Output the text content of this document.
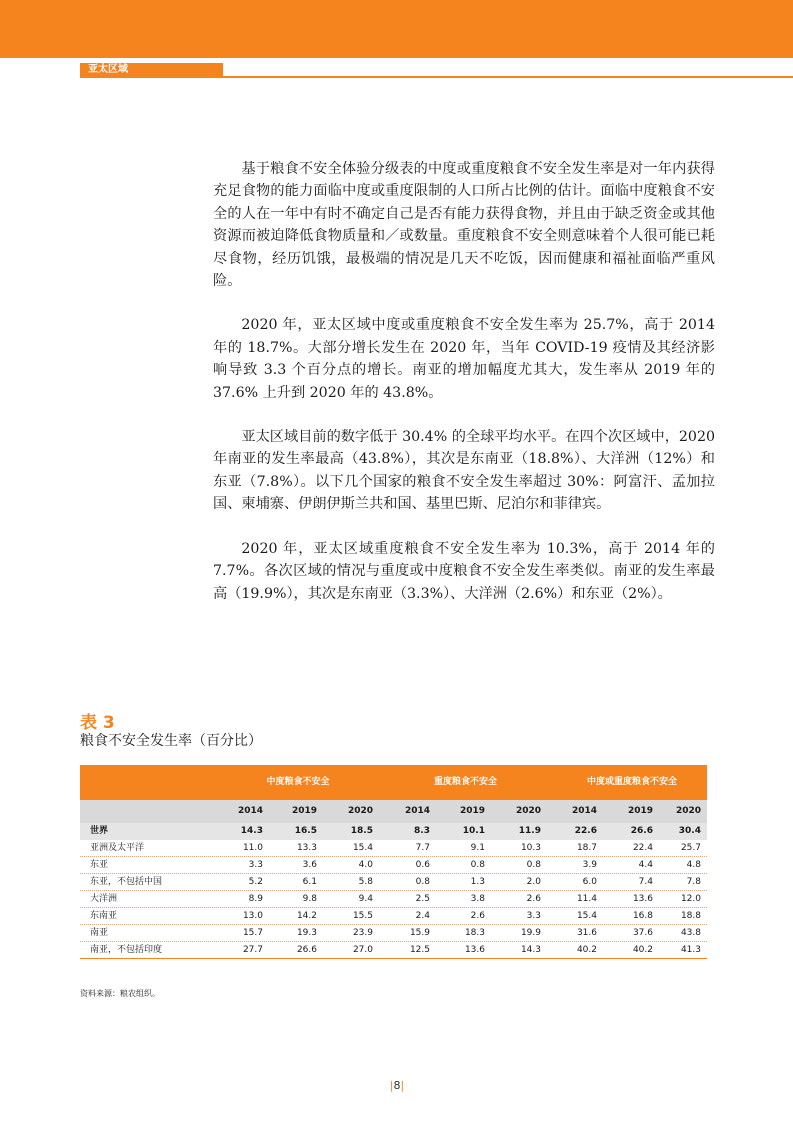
亚太区域

基于粮食不安全体验分级表的中度或重度粮食不安全发生率是对一年内获得充足食物的能力面临中度或重度限制的人口所占比例的估计。面临中度粮食不安全的人在一年中有时不确定自己是否有能力获得食物，并且由于缺乏资金或其他资源而被迫降低食物质量和／或数量。重度粮食不安全则意味着个人很可能已耗尽食物，经历饥饿，最极端的情况是几天不吃饭，因而健康和福祉面临严重风险。

2020 年，亚太区域中度或重度粮食不安全发生率为 25.7%，高于 2014 年的 18.7%。大部分增长发生在 2020 年，当年 COVID-19 疫情及其经济影响导致 3.3 个百分点的增长。南亚的增加幅度尤其大，发生率从 2019 年的 37.6% 上升到 2020 年的 43.8%。

亚太区域目前的数字低于 30.4% 的全球平均水平。在四个次区域中，2020 年南亚的发生率最高（43.8%），其次是东南亚（18.8%）、大洋洲（12%）和东亚（7.8%）。以下几个国家的粮食不安全发生率超过 30%：阿富汗、孟加拉国、柬埔寨、伊朗伊斯兰共和国、基里巴斯、尼泊尔和菲律宾。

2020 年，亚太区域重度粮食不安全发生率为 10.3%，高于 2014 年的 7.7%。各次区域的情况与重度或中度粮食不安全发生率类似。南亚的发生率最高（19.9%），其次是东南亚（3.3%）、大洋洲（2.6%）和东亚（2%）。

表 3
粮食不安全发生率（百分比）
中度粮食不安全	重度粮食不安全	中度或重度粮食不安全
2014	2019	2020	2014	2019	2020	2014	2019	2020
世界	14.3	16.5	18.5	8.3	10.1	11.9	22.6	26.6	30.4
亚洲及太平洋	11.0	13.3	15.4	7.7	9.1	10.3	18.7	22.4	25.7
东亚	3.3	3.6	4.0	0.6	0.8	0.8	3.9	4.4	4.8
东亚，不包括中国	5.2	6.1	5.8	0.8	1.3	2.0	6.0	7.4	7.8
大洋洲	8.9	9.8	9.4	2.5	3.8	2.6	11.4	13.6	12.0
东南亚	13.0	14.2	15.5	2.4	2.6	3.3	15.4	16.8	18.8
南亚	15.7	19.3	23.9	15.9	18.3	19.9	31.6	37.6	43.8
南亚，不包括印度	27.7	26.6	27.0	12.5	13.6	14.3	40.2	40.2	41.3
资料来源：粮农组织。
|8|
